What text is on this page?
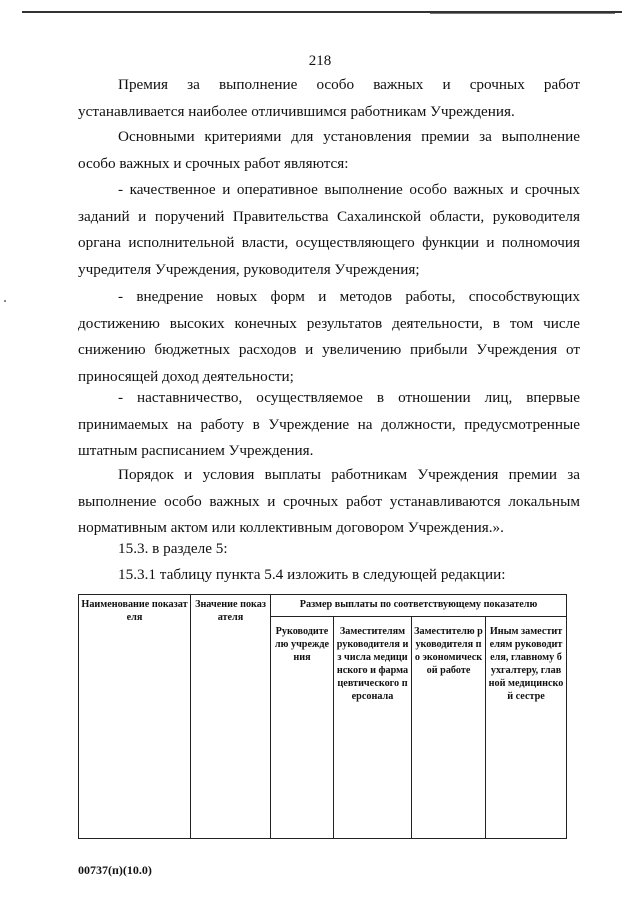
218

Премия за выполнение особо важных и срочных работ устанавливается наиболее отличившимся работникам Учреждения.

Основными критериями для установления премии за выполнение особо важных и срочных работ являются:

- качественное и оперативное выполнение особо важных и срочных заданий и поручений Правительства Сахалинской области, руководителя органа исполнительной власти, осуществляющего функции и полномочия учредителя Учреждения, руководителя Учреждения;

- внедрение новых форм и методов работы, способствующих достижению высоких конечных результатов деятельности, в том числе снижению бюджетных расходов и увеличению прибыли Учреждения от приносящей доход деятельности;

- наставничество, осуществляемое в отношении лиц, впервые принимаемых на работу в Учреждение на должности, предусмотренные штатным расписанием Учреждения.

Порядок и условия выплаты работникам Учреждения премии за выполнение особо важных и срочных работ устанавливаются локальным нормативным актом или коллективным договором Учреждения.».

15.3. в разделе 5:

15.3.1 таблицу пункта 5.4 изложить в следующей редакции:

Наименование показателя	Значение показателя	Размер выплаты по соответствующему показателю			
		Руководителю учреждения	Заместителям руководителя из числа медицинского и фармацевтического персонала	Заместителю руководителя по экономической работе	Иным заместителям руководителя, главному бухгалтеру, главной медицинской сестре
00737(п)(10.0)
